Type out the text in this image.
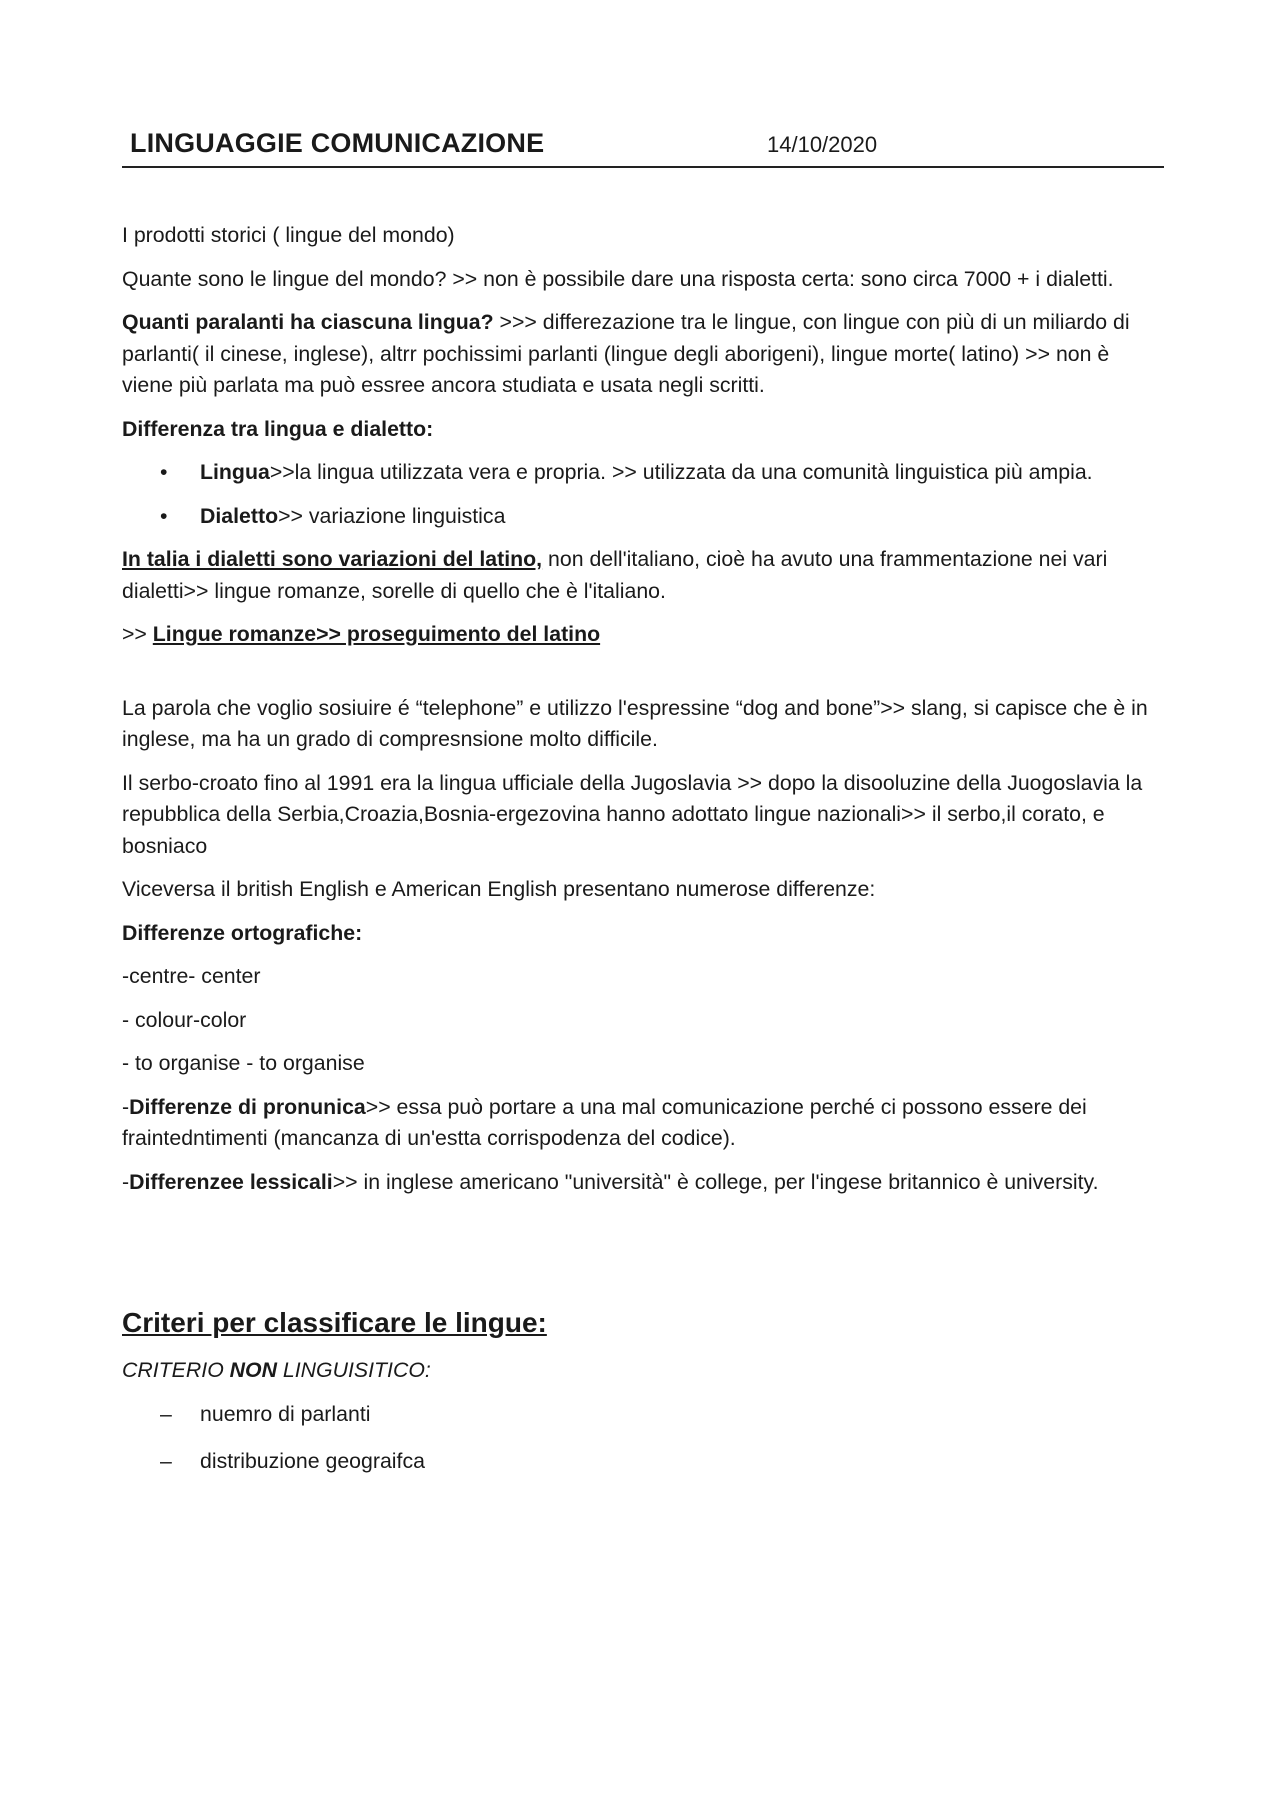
LINGUAGGIE COMUNICAZIONE	14/10/2020

I prodotti storici ( lingue del mondo)

Quante sono le lingue del mondo? >> non è possibile dare una risposta certa: sono circa 7000 + i dialetti.

Quanti paralanti ha ciascuna lingua? >>> differezazione tra le lingue, con lingue con più di un miliardo di parlanti( il cinese, inglese), altrr pochissimi parlanti (lingue degli aborigeni), lingue morte( latino) >> non è viene più parlata ma può essree ancora studiata e usata negli scritti.

Differenza tra lingua e dialetto:

• Lingua>>la lingua utilizzata vera e propria. >> utilizzata da una comunità linguistica più ampia.
• Dialetto>> variazione linguistica

In talia i dialetti sono variazioni del latino, non dell'italiano, cioè ha avuto una frammentazione nei vari dialetti>> lingue romanze, sorelle di quello che è l'italiano.

>> Lingue romanze>> proseguimento del latino

La parola che voglio sosiuire é “telephone” e utilizzo l'espressine “dog and bone”>> slang, si capisce che è in inglese, ma ha un grado di compresnsione molto difficile.

Il serbo-croato fino al 1991 era la lingua ufficiale della Jugoslavia >> dopo la disooluzine della Juogoslavia la repubblica della Serbia,Croazia,Bosnia-ergezovina hanno adottato lingue nazionali>> il serbo,il corato, e bosniaco

Viceversa il british English e American English presentano numerose differenze:

Differenze ortografiche:

-centre- center

- colour-color

- to organise - to organise

-Differenze di pronunica>> essa può portare a una mal comunicazione perché ci possono essere dei fraintedntimenti (mancanza di un'estta corrispodenza del codice).

-Differenzee lessicali>> in inglese americano "università" è college, per l'ingese britannico è university.

Criteri per classificare le lingue:

CRITERIO NON LINGUISITICO:

– nuemro di parlanti
– distribuzione geograifca
